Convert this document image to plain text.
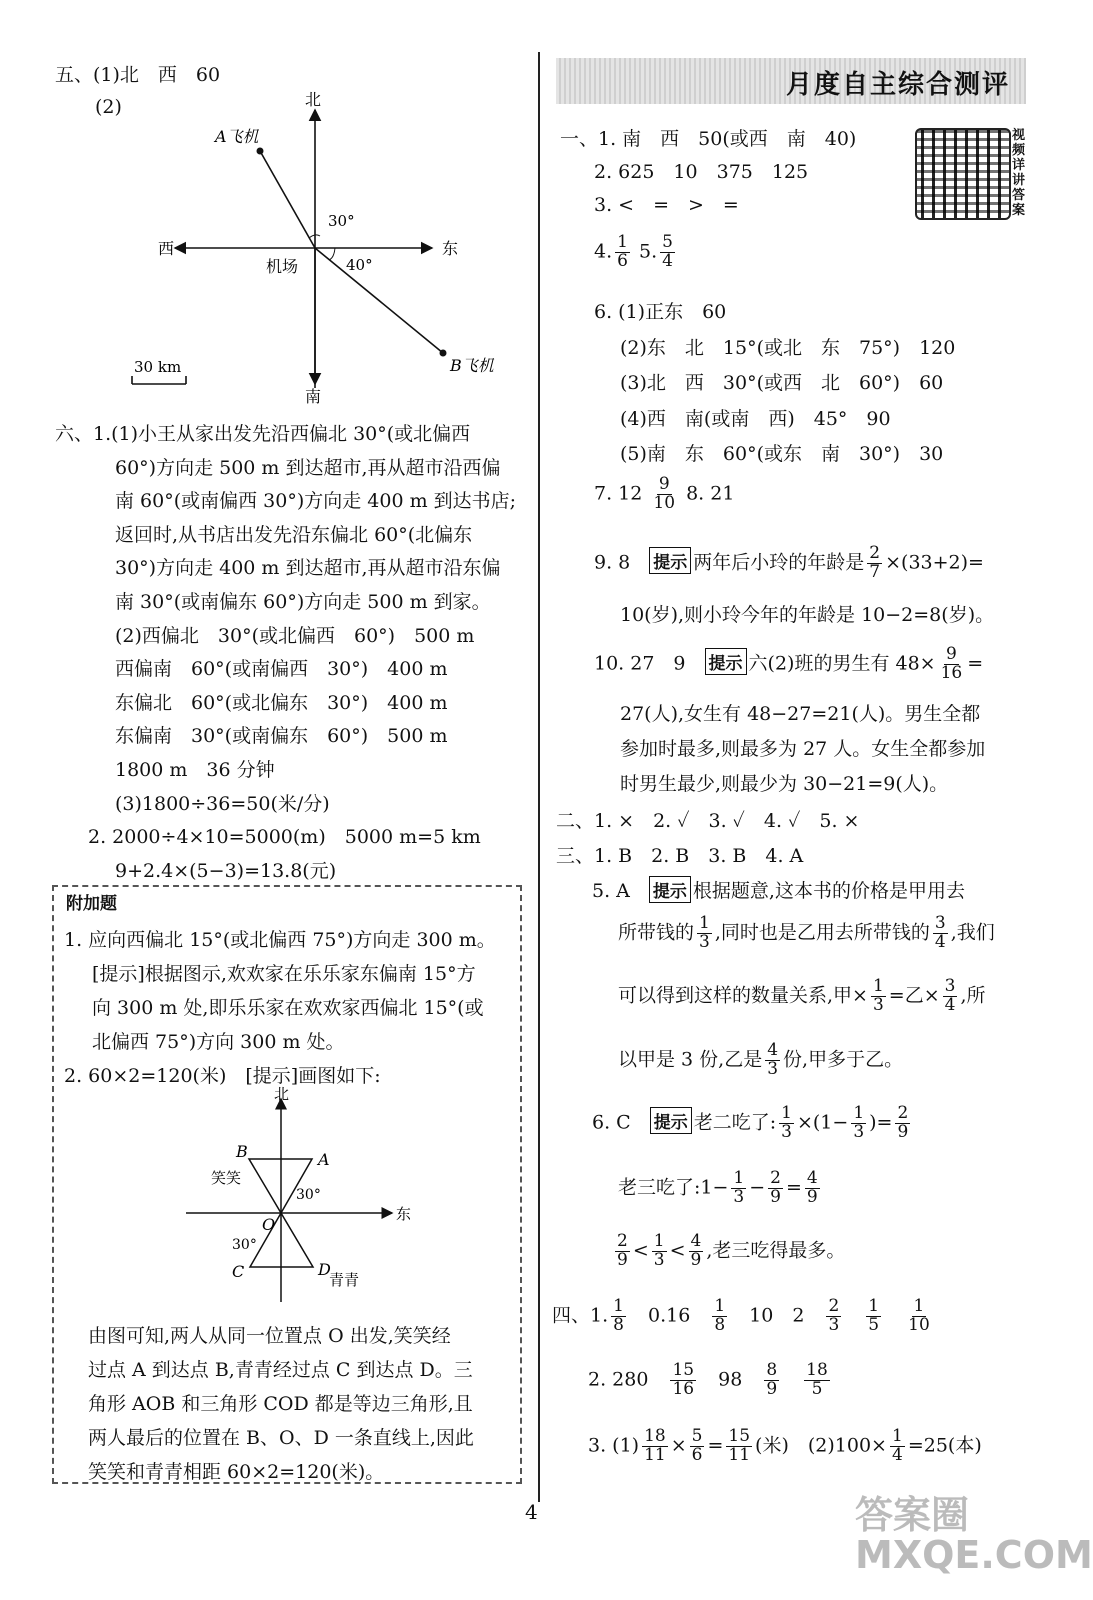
五、(1)北　西　60
(2)	北
南
西	东
机场
A飞机
B飞机
30°
40°
30 km
六、1.(1)小王从家出发先沿西偏北 30°(或北偏西
60°)方向走 500 m 到达超市,再从超市沿西偏
南 60°(或南偏西 30°)方向走 400 m 到达书店;
返回时,从书店出发先沿东偏北 60°(北偏东
30°)方向走 400 m 到达超市,再从超市沿东偏
南 30°(或南偏东 60°)方向走 500 m 到家。
(2)西偏北　30°(或北偏西　60°)　500 m
西偏南　60°(或南偏西　30°)　400 m
东偏北　60°(或北偏东　30°)　400 m
东偏南　30°(或南偏东　60°)　500 m
1800 m　36 分钟
(3)1800÷36=50(米/分)
2. 2000÷4×10=5000(m)　5000 m=5 km
9+2.4×(5−3)=13.8(元)
附加题
1. 应向西偏北 15°(或北偏西 75°)方向走 300 m。
[提示]根据图示,欢欢家在乐乐家东偏南 15°方
向 300 m 处,即乐乐家在欢欢家西偏北 15°(或
北偏西 75°)方向 300 m 处。
2. 60×2=120(米)　[提示]画图如下:
B	A
C	D
O
北
东
笑笑
青青
30°
30°
由图可知,两人从同一位置点 O 出发,笑笑经
过点 A 到达点 B,青青经过点 C 到达点 D。三
角形 AOB 和三角形 COD 都是等边三角形,且
两人最后的位置在 B、O、D 一条直线上,因此
笑笑和青青相距 60×2=120(米)。
月度自主综合测评
视频详讲答案
一、1. 南　西　50(或西　南　40)
2. 625　10　375　125
3. <　=　>　=
4. $\frac{1}{6} 5$. $\frac{5}{4}$
6. (1)正东　60
(2)东　北　15°(或北　东　75°)　120
(3)北　西　30°(或西　北　60°)　60
(4)西　南(或南　西)　45°　90
(5)南　东　60°(或东　南　30°)　30
7. $12 \frac{9}{10} 8$. 21
9. 8　 提示 两年后小玲的年龄是 $\frac{2}{7} \times(33+2)=$
10(岁),则小玲今年的年龄是 10−2=8(岁)。
10. 27　9　 提示 六(2)班的男生有 $48\times \frac{9}{16}$ =
27(人),女生有 48−27=21(人)。男生全都
参加时最多,则最多为 27 人。女生全都参加
时男生最少,则最少为 30−21=9(人)。
二、1. ×　2. ✓　3. ✓　4. ✓　5. ×
三、1. B　2. B　3. B　4. A
5. A　 提示 根据题意,这本书的价格是甲用去
所带钱的 $\frac{1}{3}$ ,同时也是乙用去所带钱的 $\frac{3}{4}$ ,我们
可以得到这样的数量关系,甲× $\frac{1}{3}$ =乙× $\frac{3}{4}$ ,所
以甲是 3 份,乙是 $\frac{4}{3}$ 份,甲多于乙。
6. C　 提示 老二吃了: $\frac{1}{3} \times(1- \frac{1}{3}$ )= $\frac{2}{9}$
老三吃了:1− $\frac{1}{3} - \frac{2}{9} = \frac{4}{9}$
$\frac{2}{9} < \frac{1}{3} < \frac{4}{9}$ ,老三吃得最多。
四、1. $\frac{1}{8}$
　 0.16　 $\frac{1}{8}$
　 10　2　 $\frac{2}{3}$
　 $\frac{1}{5}$
　 $\frac{1}{10}$
2. 280　 $\frac{15}{16}$
　 98　 $\frac{8}{9}$
　 $\frac{18}{5}$
3. $(1) \frac{18}{11} \times \frac{5}{6} = \frac{15}{11}$ (米)　$(2)100\times \frac{1}{4} =25$(本)
4	答案圈 MXQE.COM
